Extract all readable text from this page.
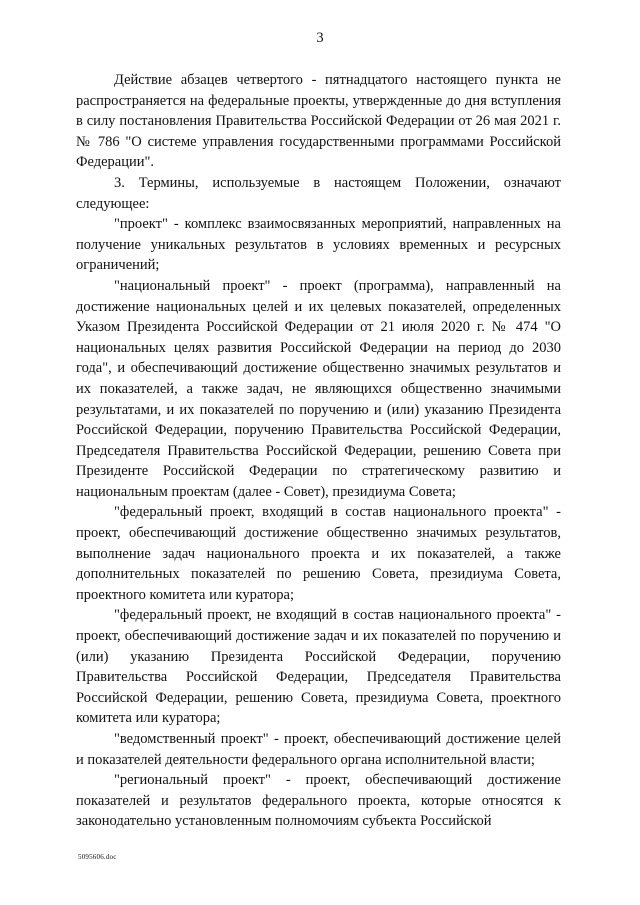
3

Действие абзацев четвертого - пятнадцатого настоящего пункта не распространяется на федеральные проекты, утвержденные до дня вступления в силу постановления Правительства Российской Федерации от 26 мая 2021 г. № 786 "О системе управления государственными программами Российской Федерации".

3. Термины, используемые в настоящем Положении, означают следующее:

"проект" - комплекс взаимосвязанных мероприятий, направленных на получение уникальных результатов в условиях временных и ресурсных ограничений;

"национальный проект" - проект (программа), направленный на достижение национальных целей и их целевых показателей, определенных Указом Президента Российской Федерации от 21 июля 2020 г. № 474 "О национальных целях развития Российской Федерации на период до 2030 года", и обеспечивающий достижение общественно значимых результатов и их показателей, а также задач, не являющихся общественно значимыми результатами, и их показателей по поручению и (или) указанию Президента Российской Федерации, поручению Правительства Российской Федерации, Председателя Правительства Российской Федерации, решению Совета при Президенте Российской Федерации по стратегическому развитию и национальным проектам (далее - Совет), президиума Совета;

"федеральный проект, входящий в состав национального проекта" - проект, обеспечивающий достижение общественно значимых результатов, выполнение задач национального проекта и их показателей, а также дополнительных показателей по решению Совета, президиума Совета, проектного комитета или куратора;

"федеральный проект, не входящий в состав национального проекта" - проект, обеспечивающий достижение задач и их показателей по поручению и (или) указанию Президента Российской Федерации, поручению Правительства Российской Федерации, Председателя Правительства Российской Федерации, решению Совета, президиума Совета, проектного комитета или куратора;

"ведомственный проект" - проект, обеспечивающий достижение целей и показателей деятельности федерального органа исполнительной власти;

"региональный проект" - проект, обеспечивающий достижение показателей и результатов федерального проекта, которые относятся к законодательно установленным полномочиям субъекта Российской

5095606.doc
